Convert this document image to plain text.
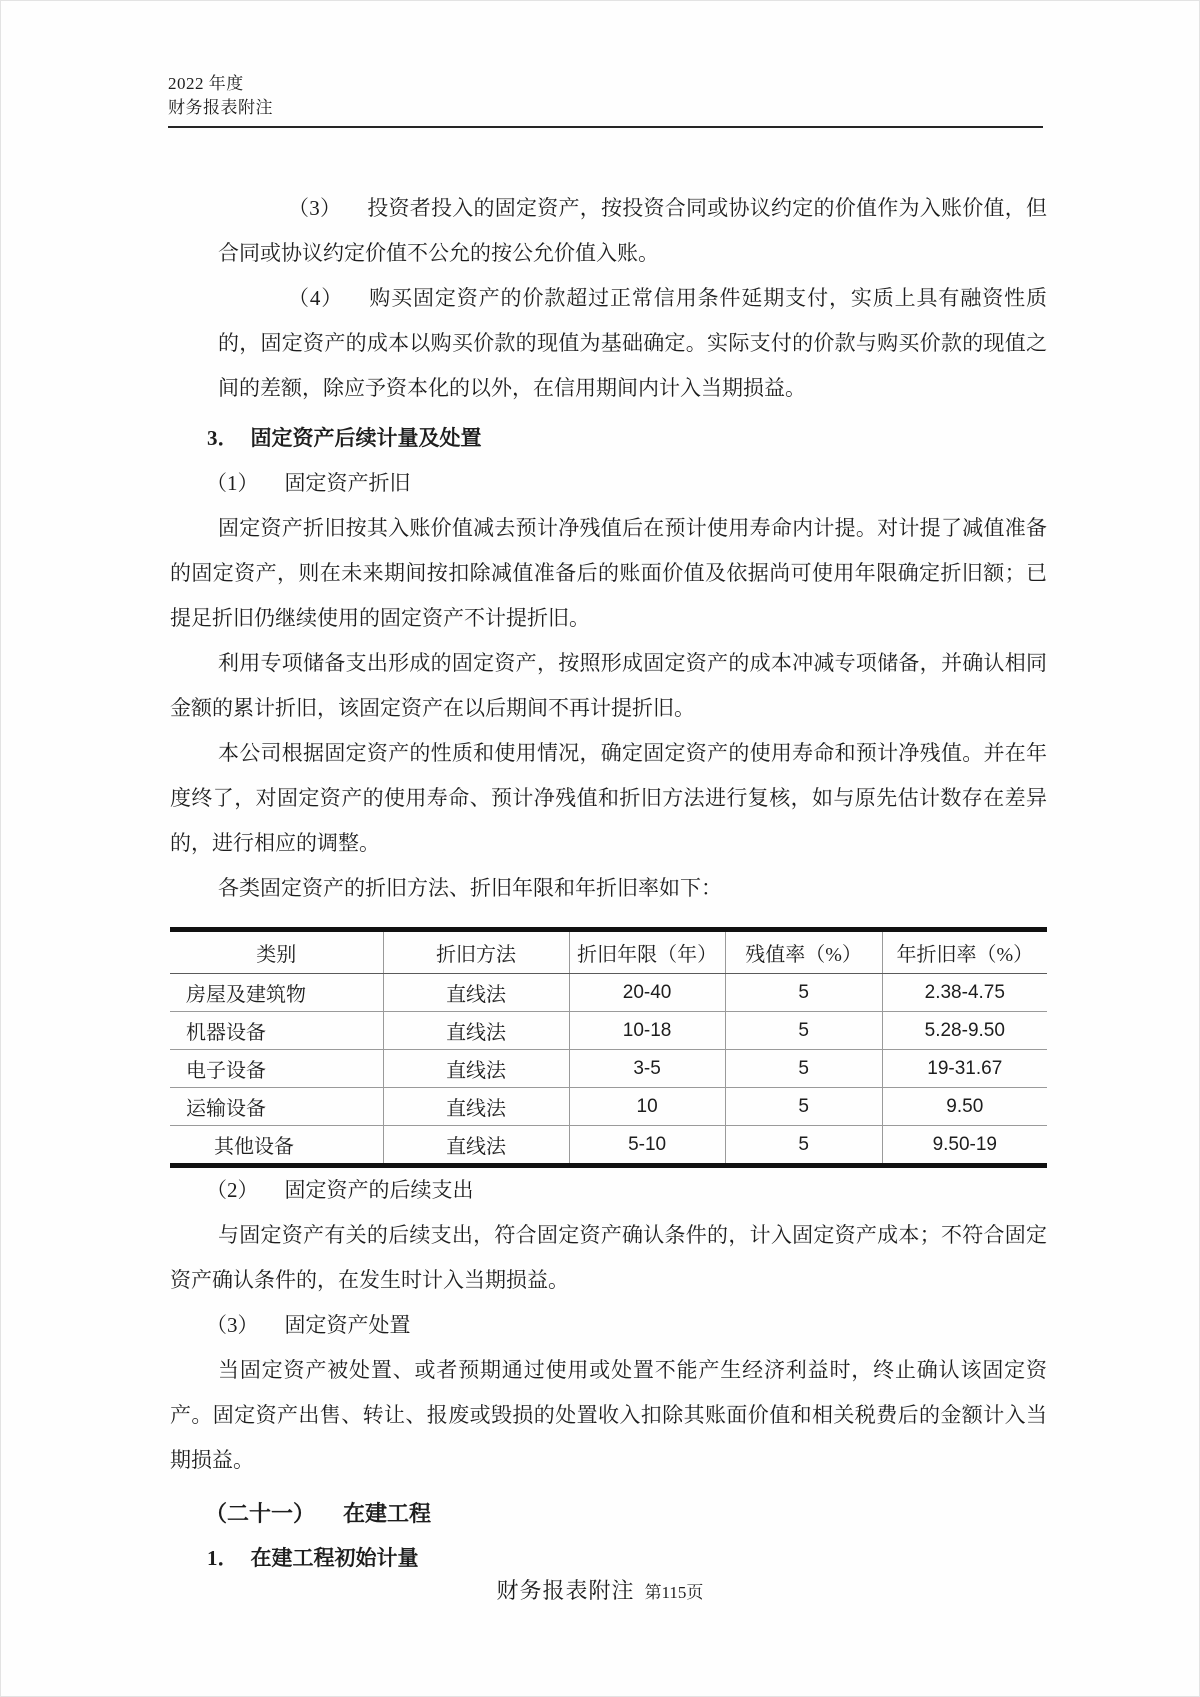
2022 年度
财务报表附注

（3） 投资者投入的固定资产，按投资合同或协议约定的价值作为入账价值，但合同或协议约定价值不公允的按公允价值入账。

（4） 购买固定资产的价款超过正常信用条件延期支付，实质上具有融资性质的，固定资产的成本以购买价款的现值为基础确定。实际支付的价款与购买价款的现值之间的差额，除应予资本化的以外，在信用期间内计入当期损益。

3． 固定资产后续计量及处置

（1） 固定资产折旧

固定资产折旧按其入账价值减去预计净残值后在预计使用寿命内计提。对计提了减值准备的固定资产，则在未来期间按扣除减值准备后的账面价值及依据尚可使用年限确定折旧额；已提足折旧仍继续使用的固定资产不计提折旧。

利用专项储备支出形成的固定资产，按照形成固定资产的成本冲减专项储备，并确认相同金额的累计折旧，该固定资产在以后期间不再计提折旧。

本公司根据固定资产的性质和使用情况，确定固定资产的使用寿命和预计净残值。并在年度终了，对固定资产的使用寿命、预计净残值和折旧方法进行复核，如与原先估计数存在差异的，进行相应的调整。

各类固定资产的折旧方法、折旧年限和年折旧率如下：

类别	折旧方法	折旧年限（年）	残值率（%）	年折旧率（%）
房屋及建筑物	直线法	20-40	5	2.38-4.75
机器设备	直线法	10-18	5	5.28-9.50
电子设备	直线法	3-5	5	19-31.67
运输设备	直线法	10	5	9.50
其他设备	直线法	5-10	5	9.50-19

（2） 固定资产的后续支出

与固定资产有关的后续支出，符合固定资产确认条件的，计入固定资产成本；不符合固定资产确认条件的，在发生时计入当期损益。

（3） 固定资产处置

当固定资产被处置、或者预期通过使用或处置不能产生经济利益时，终止确认该固定资产。固定资产出售、转让、报废或毁损的处置收入扣除其账面价值和相关税费后的金额计入当期损益。

（二十一） 在建工程

1． 在建工程初始计量

财务报表附注 第115页
